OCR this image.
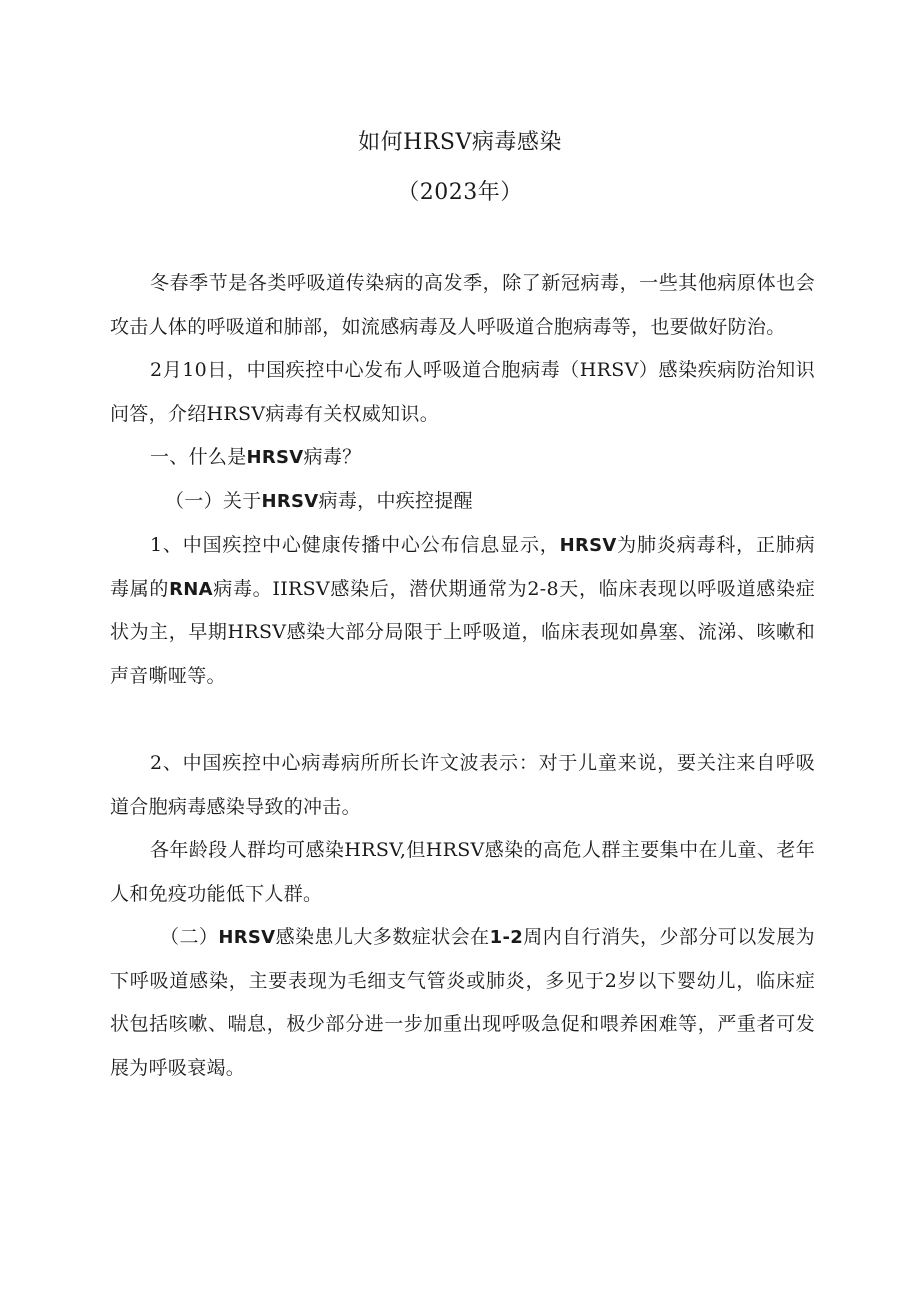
如何HRSV病毒感染
（2023年）
冬春季节是各类呼吸道传染病的高发季，除了新冠病毒，一些其他病原体也会攻击人体的呼吸道和肺部，如流感病毒及人呼吸道合胞病毒等，也要做好防治。
2月10日，中国疾控中心发布人呼吸道合胞病毒（HRSV）感染疾病防治知识问答，介绍HRSV病毒有关权威知识。
一、什么是HRSV病毒？
（一）关于HRSV病毒，中疾控提醒
1、中国疾控中心健康传播中心公布信息显示，HRSV为肺炎病毒科，正肺病毒属的RNA病毒。IIRSV感染后，潜伏期通常为2-8天，临床表现以呼吸道感染症状为主，早期HRSV感染大部分局限于上呼吸道，临床表现如鼻塞、流涕、咳嗽和声音嘶哑等。
2、中国疾控中心病毒病所所长许文波表示：对于儿童来说，要关注来自呼吸道合胞病毒感染导致的冲击。
各年龄段人群均可感染HRSV,但HRSV感染的高危人群主要集中在儿童、老年人和免疫功能低下人群。
（二）HRSV感染患儿大多数症状会在1-2周内自行消失，少部分可以发展为下呼吸道感染，主要表现为毛细支气管炎或肺炎，多见于2岁以下婴幼儿，临床症状包括咳嗽、喘息，极少部分进一步加重出现呼吸急促和喂养困难等，严重者可发展为呼吸衰竭。
